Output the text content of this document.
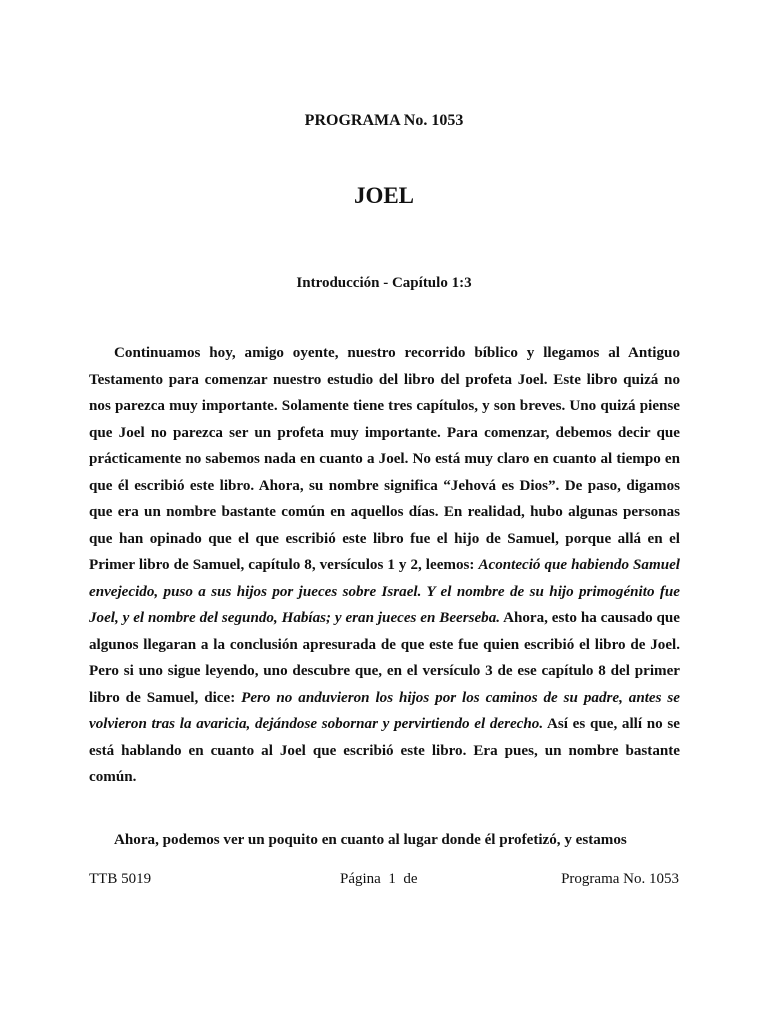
PROGRAMA No. 1053
JOEL
Introducción - Capítulo 1:3

Continuamos hoy, amigo oyente, nuestro recorrido bíblico y llegamos al Antiguo Testamento para comenzar nuestro estudio del libro del profeta Joel. Este libro quizá no nos parezca muy importante. Solamente tiene tres capítulos, y son breves. Uno quizá piense que Joel no parezca ser un profeta muy importante. Para comenzar, debemos decir que prácticamente no sabemos nada en cuanto a Joel. No está muy claro en cuanto al tiempo en que él escribió este libro. Ahora, su nombre significa “Jehová es Dios”. De paso, digamos que era un nombre bastante común en aquellos días. En realidad, hubo algunas personas que han opinado que el que escribió este libro fue el hijo de Samuel, porque allá en el Primer libro de Samuel, capítulo 8, versículos 1 y 2, leemos: Aconteció que habiendo Samuel envejecido, puso a sus hijos por jueces sobre Israel. Y el nombre de su hijo primogénito fue Joel, y el nombre del segundo, Habías; y eran jueces en Beerseba. Ahora, esto ha causado que algunos llegaran a la conclusión apresurada de que este fue quien escribió el libro de Joel. Pero si uno sigue leyendo, uno descubre que, en el versículo 3 de ese capítulo 8 del primer libro de Samuel, dice: Pero no anduvieron los hijos por los caminos de su padre, antes se volvieron tras la avaricia, dejándose sobornar y pervirtiendo el derecho. Así es que, allí no se está hablando en cuanto al Joel que escribió este libro. Era pues, un nombre bastante común.

Ahora, podemos ver un poquito en cuanto al lugar donde él profetizó, y estamos

TTB 5019	Página  1  de	Programa No. 1053
